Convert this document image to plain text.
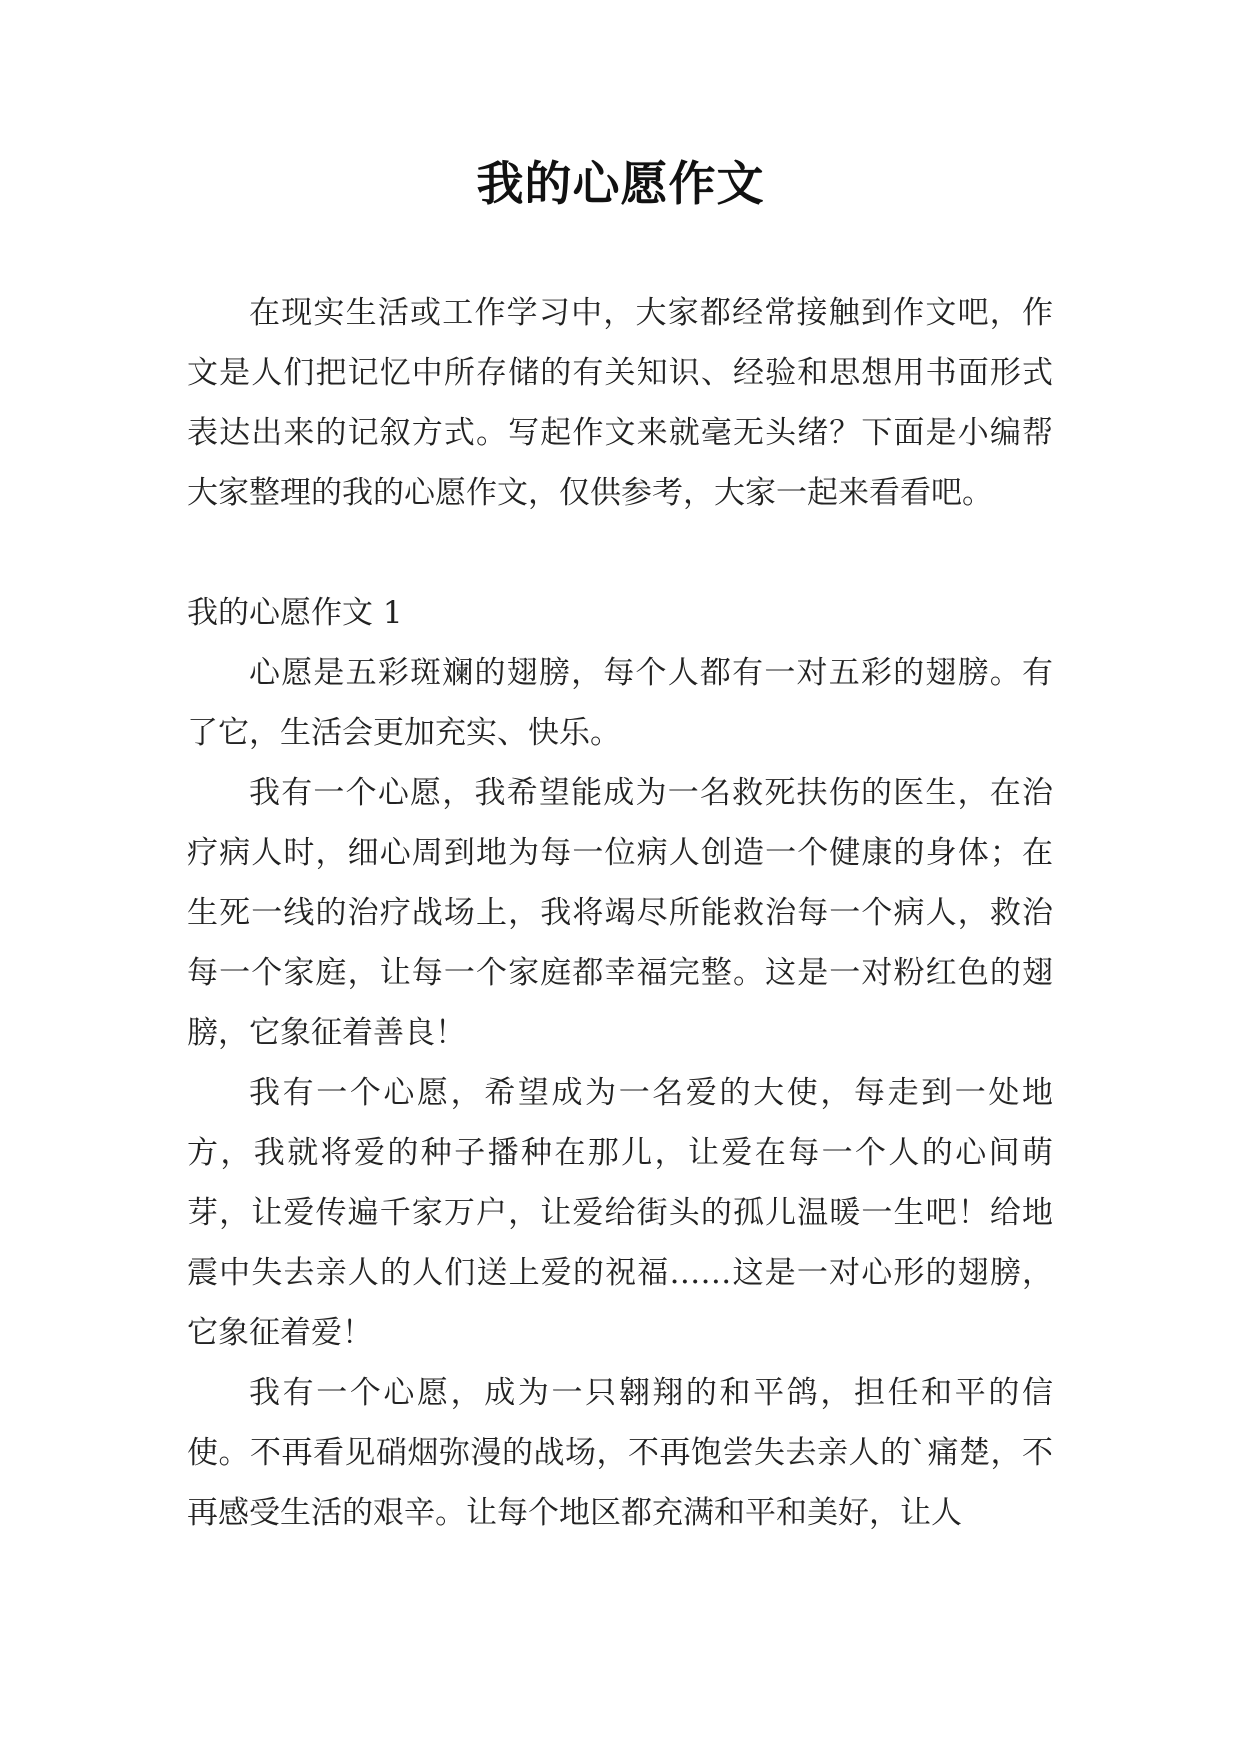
我的心愿作文

在现实生活或工作学习中，大家都经常接触到作文吧，作文是人们把记忆中所存储的有关知识、经验和思想用书面形式表达出来的记叙方式。写起作文来就毫无头绪？下面是小编帮大家整理的我的心愿作文，仅供参考，大家一起来看看吧。

我的心愿作文 1

心愿是五彩斑斓的翅膀，每个人都有一对五彩的翅膀。有了它，生活会更加充实、快乐。

我有一个心愿，我希望能成为一名救死扶伤的医生，在治疗病人时，细心周到地为每一位病人创造一个健康的身体；在生死一线的治疗战场上，我将竭尽所能救治每一个病人，救治每一个家庭，让每一个家庭都幸福完整。这是一对粉红色的翅膀，它象征着善良！

我有一个心愿，希望成为一名爱的大使，每走到一处地方，我就将爱的种子播种在那儿，让爱在每一个人的心间萌芽，让爱传遍千家万户，让爱给街头的孤儿温暖一生吧！给地震中失去亲人的人们送上爱的祝福……这是一对心形的翅膀，它象征着爱！

我有一个心愿，成为一只翱翔的和平鸽，担任和平的信使。不再看见硝烟弥漫的战场，不再饱尝失去亲人的`痛楚，不再感受生活的艰辛。让每个地区都充满和平和美好，让人
